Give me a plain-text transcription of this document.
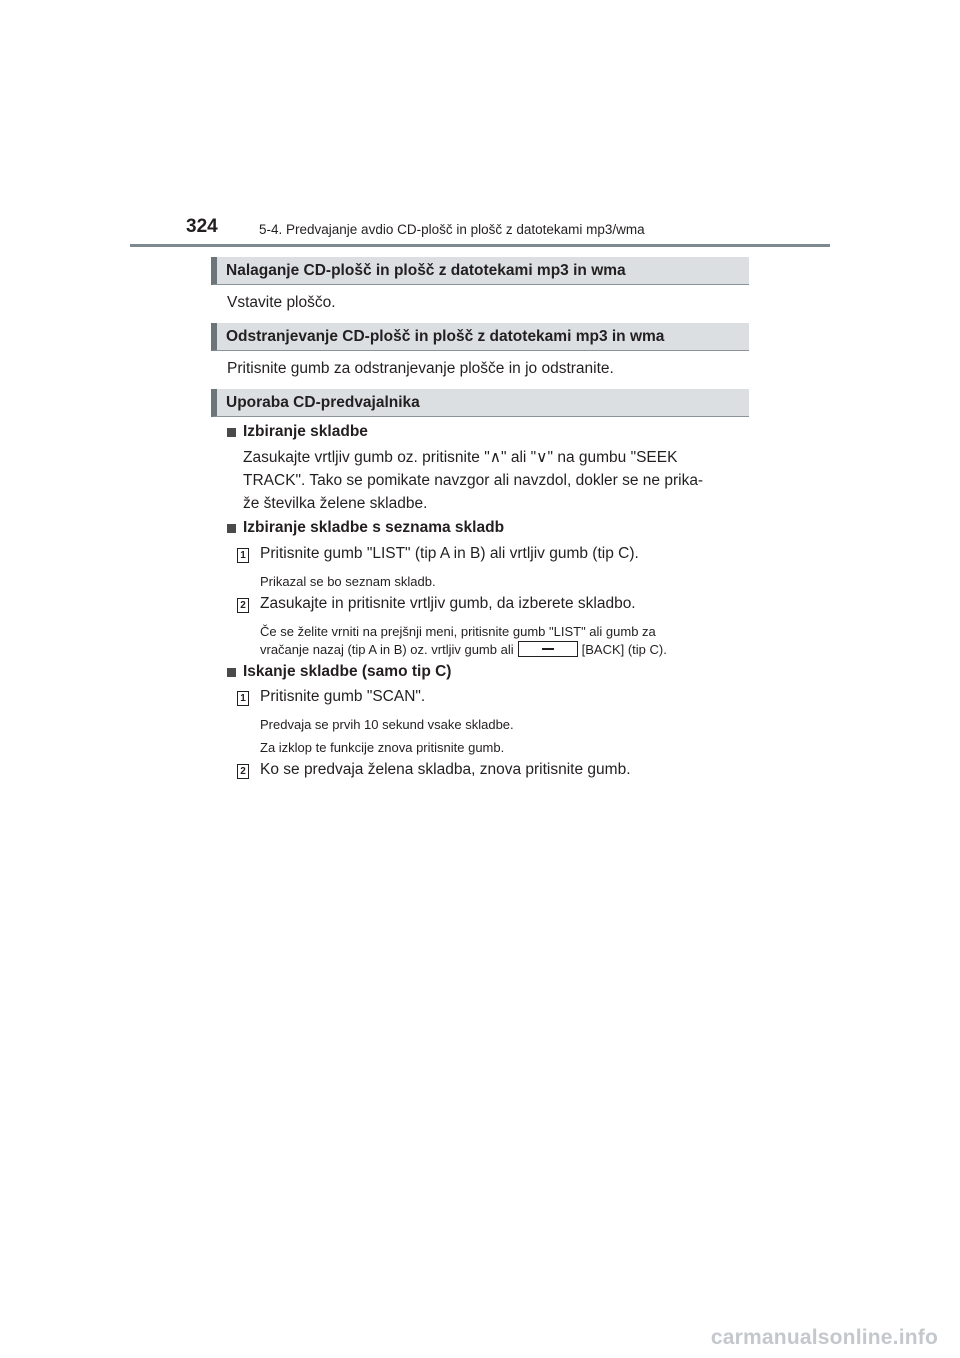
324	5-4. Predvajanje avdio CD-plošč in plošč z datotekami mp3/wma
Nalaganje CD-plošč in plošč z datotekami mp3 in wma
Vstavite ploščo.
Odstranjevanje CD-plošč in plošč z datotekami mp3 in wma
Pritisnite gumb za odstranjevanje plošče in jo odstranite.
Uporaba CD-predvajalnika
Izbiranje skladbe
Zasukajte vrtljiv gumb oz. pritisnite "∧" ali "∨" na gumbu "SEEK
TRACK". Tako se pomikate navzgor ali navzdol, dokler se ne prika-
že številka želene skladbe.
Izbiranje skladbe s seznama skladb
1 Pritisnite gumb "LIST" (tip A in B) ali vrtljiv gumb (tip C).
Prikazal se bo seznam skladb.
2 Zasukajte in pritisnite vrtljiv gumb, da izberete skladbo.
Če se želite vrniti na prejšnji meni, pritisnite gumb "LIST" ali gumb za
vračanje nazaj (tip A in B) oz. vrtljiv gumb ali	[BACK] (tip C).
Iskanje skladbe (samo tip C)
1 Pritisnite gumb "SCAN".
Predvaja se prvih 10 sekund vsake skladbe.
Za izklop te funkcije znova pritisnite gumb.
2 Ko se predvaja želena skladba, znova pritisnite gumb.
carmanualsonline.info
